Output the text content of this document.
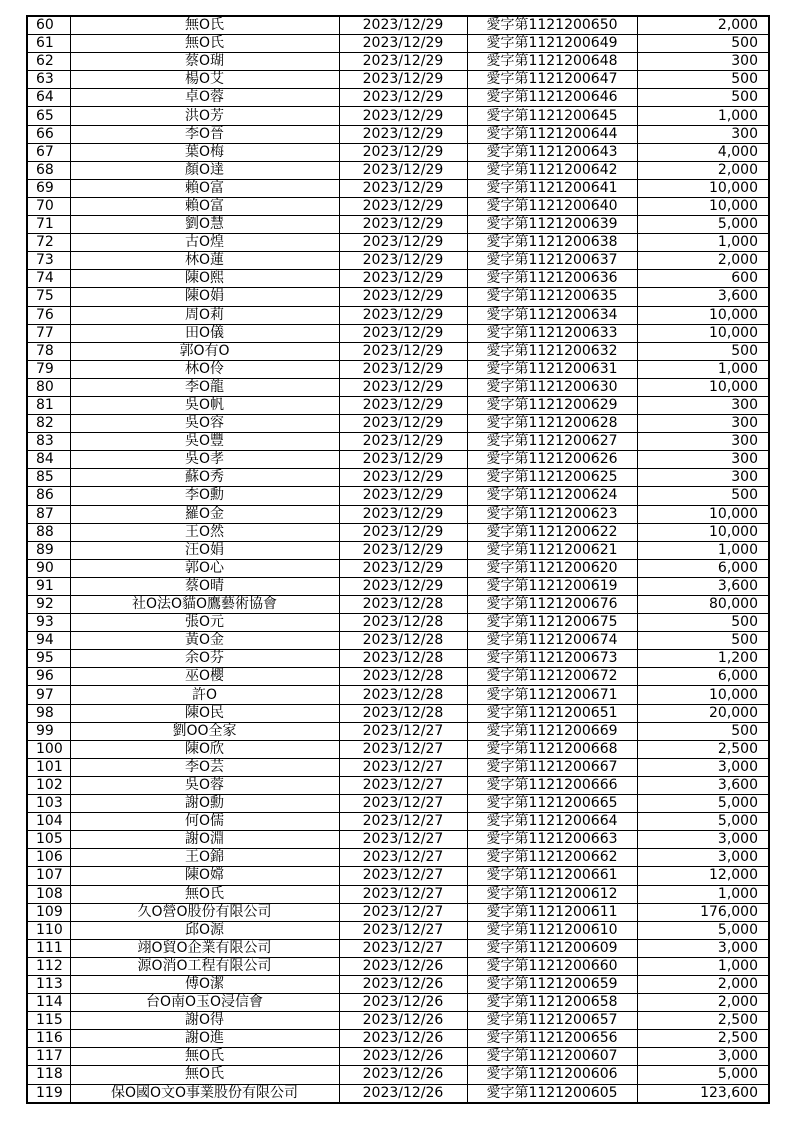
60	無O氏	2023/12/29	愛字第1121200650	2,000
61	無O氏	2023/12/29	愛字第1121200649	500
62	蔡O瑚	2023/12/29	愛字第1121200648	300
63	楊O艾	2023/12/29	愛字第1121200647	500
64	卓O蓉	2023/12/29	愛字第1121200646	500
65	洪O芳	2023/12/29	愛字第1121200645	1,000
66	李O晉	2023/12/29	愛字第1121200644	300
67	葉O梅	2023/12/29	愛字第1121200643	4,000
68	顏O達	2023/12/29	愛字第1121200642	2,000
69	賴O富	2023/12/29	愛字第1121200641	10,000
70	賴O富	2023/12/29	愛字第1121200640	10,000
71	劉O慧	2023/12/29	愛字第1121200639	5,000
72	古O煌	2023/12/29	愛字第1121200638	1,000
73	林O蓮	2023/12/29	愛字第1121200637	2,000
74	陳O熙	2023/12/29	愛字第1121200636	600
75	陳O娟	2023/12/29	愛字第1121200635	3,600
76	周O莉	2023/12/29	愛字第1121200634	10,000
77	田O儀	2023/12/29	愛字第1121200633	10,000
78	郭O有O	2023/12/29	愛字第1121200632	500
79	林O伶	2023/12/29	愛字第1121200631	1,000
80	李O龍	2023/12/29	愛字第1121200630	10,000
81	吳O帆	2023/12/29	愛字第1121200629	300
82	吳O容	2023/12/29	愛字第1121200628	300
83	吳O豐	2023/12/29	愛字第1121200627	300
84	吳O孝	2023/12/29	愛字第1121200626	300
85	蘇O秀	2023/12/29	愛字第1121200625	300
86	李O勳	2023/12/29	愛字第1121200624	500
87	羅O金	2023/12/29	愛字第1121200623	10,000
88	王O然	2023/12/29	愛字第1121200622	10,000
89	汪O娟	2023/12/29	愛字第1121200621	1,000
90	郭O心	2023/12/29	愛字第1121200620	6,000
91	蔡O晴	2023/12/29	愛字第1121200619	3,600
92	社O法O貓O鷹藝術協會	2023/12/28	愛字第1121200676	80,000
93	張O元	2023/12/28	愛字第1121200675	500
94	黃O金	2023/12/28	愛字第1121200674	500
95	余O芬	2023/12/28	愛字第1121200673	1,200
96	巫O櫻	2023/12/28	愛字第1121200672	6,000
97	許O	2023/12/28	愛字第1121200671	10,000
98	陳O民	2023/12/28	愛字第1121200651	20,000
99	劉OO全家	2023/12/27	愛字第1121200669	500
100	陳O欣	2023/12/27	愛字第1121200668	2,500
101	李O芸	2023/12/27	愛字第1121200667	3,000
102	吳O蓉	2023/12/27	愛字第1121200666	3,600
103	謝O勳	2023/12/27	愛字第1121200665	5,000
104	何O儒	2023/12/27	愛字第1121200664	5,000
105	謝O淵	2023/12/27	愛字第1121200663	3,000
106	王O錦	2023/12/27	愛字第1121200662	3,000
107	陳O嫦	2023/12/27	愛字第1121200661	12,000
108	無O氏	2023/12/27	愛字第1121200612	1,000
109	久O營O股份有限公司	2023/12/27	愛字第1121200611	176,000
110	邱O源	2023/12/27	愛字第1121200610	5,000
111	翊O貿O企業有限公司	2023/12/27	愛字第1121200609	3,000
112	源O消O工程有限公司	2023/12/26	愛字第1121200660	1,000
113	傅O潔	2023/12/26	愛字第1121200659	2,000
114	台O南O玉O浸信會	2023/12/26	愛字第1121200658	2,000
115	謝O得	2023/12/26	愛字第1121200657	2,500
116	謝O進	2023/12/26	愛字第1121200656	2,500
117	無O氏	2023/12/26	愛字第1121200607	3,000
118	無O氏	2023/12/26	愛字第1121200606	5,000
119	保O國O文O事業股份有限公司	2023/12/26	愛字第1121200605	123,600
